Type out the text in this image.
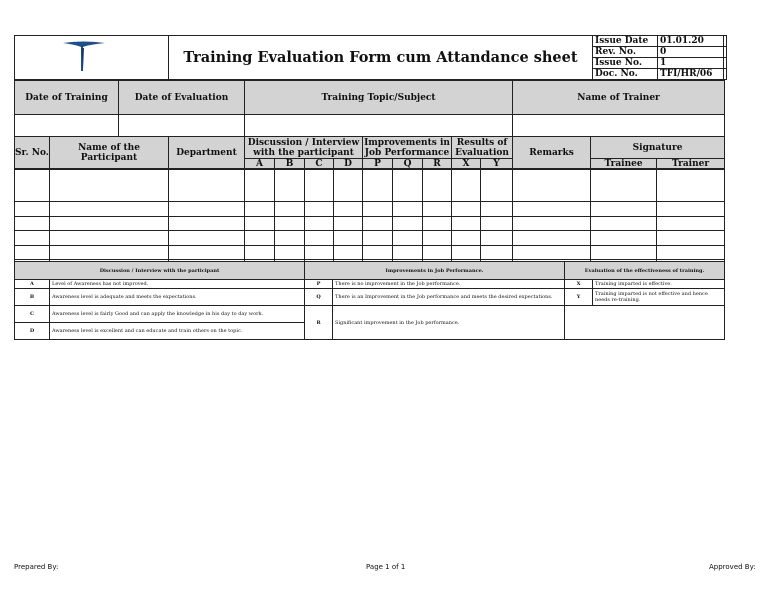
Training Evaluation Form cum Attandance sheet
Issue Date	01.01.20
Rev. No.	0
Issue No.	1
Doc. No.	TFI/HR/06
Date of Training		Date of Evaluation		Training Topic/Subject									Name of Trainer		

Sr. No.	Name of the Participant		Department	Discussion / Interview with the participant				Improvements in Job Performance			Results of Evaluation		Remarks	Signature	
				A	B	C	D	P	Q	R	X	Y		Trainee	Trainer

Discussion / Interview with the participant		Improvements in Job Performance.		Evaluation of the effectiveness of training.	
A	Level of Awareness has not improved.	P	There is no improvement in the Job performance.	X	Training imparted is effective.
B	Awareness level is adequate and meets the expectations.	Q	There is an Improvement in the Job performance and meets the desired expectations.	Y	Training imparted is not effective and hence needs re-training.
C	Awareness level is fairly Good and can apply the knowledge in his day to day work.	R	Significant improvement in the Job performance.		
D	Awareness level is excellent and can educate and train others on the topic.				
Prepared By:	Page 1 of 1	Approved By:
